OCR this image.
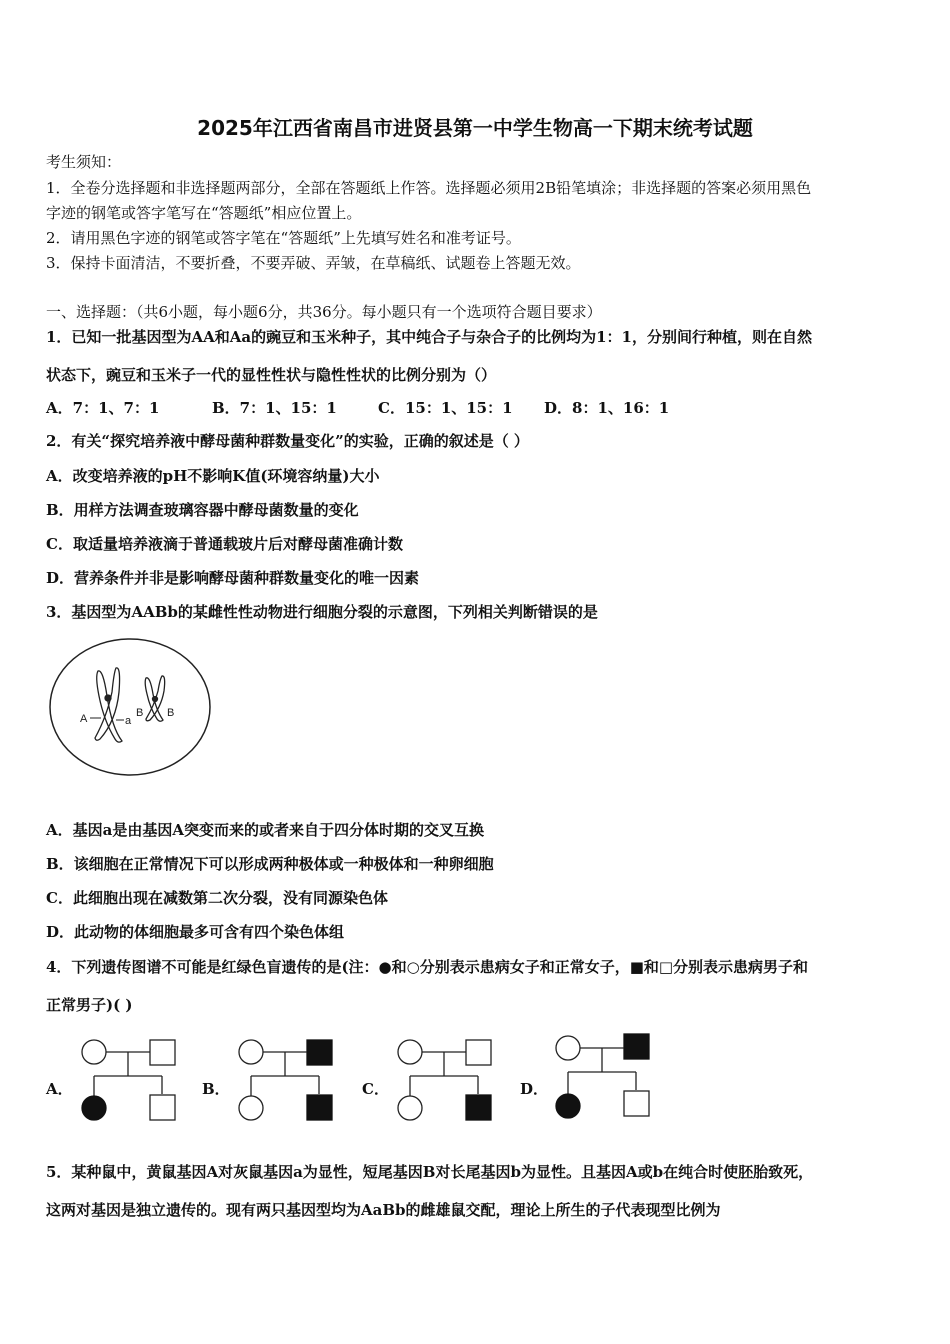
2025年江西省南昌市进贤县第一中学生物高一下期末统考试题
考生须知：
1．全卷分选择题和非选择题两部分，全部在答题纸上作答。选择题必须用2B铅笔填涂；非选择题的答案必须用黑色
字迹的钢笔或答字笔写在“答题纸”相应位置上。
2．请用黑色字迹的钢笔或答字笔在“答题纸”上先填写姓名和准考证号。
3．保持卡面清洁，不要折叠，不要弄破、弄皱，在草稿纸、试题卷上答题无效。
一、选择题：（共6小题，每小题6分，共36分。每小题只有一个选项符合题目要求）
1．已知一批基因型为AA和Aa的豌豆和玉米种子，其中纯合子与杂合子的比例均为1：1，分别间行种植，则在自然
状态下，豌豆和玉米子一代的显性性状与隐性性状的比例分别为（）
A．7：1、7：1	B．7：1、15：1	C．15：1、15：1 D．8：1、16：1
2．有关“探究培养液中酵母菌种群数量变化”的实验，正确的叙述是（ ）
A．改变培养液的pH不影响K值(环境容纳量)大小
B．用样方法调查玻璃容器中酵母菌数量的变化
C．取适量培养液滴于普通载玻片后对酵母菌准确计数
D．营养条件并非是影响酵母菌种群数量变化的唯一因素
3．基因型为AABb的某雌性性动物进行细胞分裂的示意图，下列相关判断错误的是
A	a
B B
A．基因a是由基因A突变而来的或者来自于四分体时期的交叉互换
B．该细胞在正常情况下可以形成两种极体或一种极体和一种卵细胞
C．此细胞出现在减数第二次分裂，没有同源染色体
D．此动物的体细胞最多可含有四个染色体组
4．下列遗传图谱不可能是红绿色盲遗传的是(注：●和○分别表示患病女子和正常女子，■和□分别表示患病男子和
正常男子)( )
A．	B．	C．	D．
5．某种鼠中，黄鼠基因A对灰鼠基因a为显性，短尾基因B对长尾基因b为显性。且基因A或b在纯合时使胚胎致死，
这两对基因是独立遗传的。现有两只基因型均为AaBb的雌雄鼠交配，理论上所生的子代表现型比例为
